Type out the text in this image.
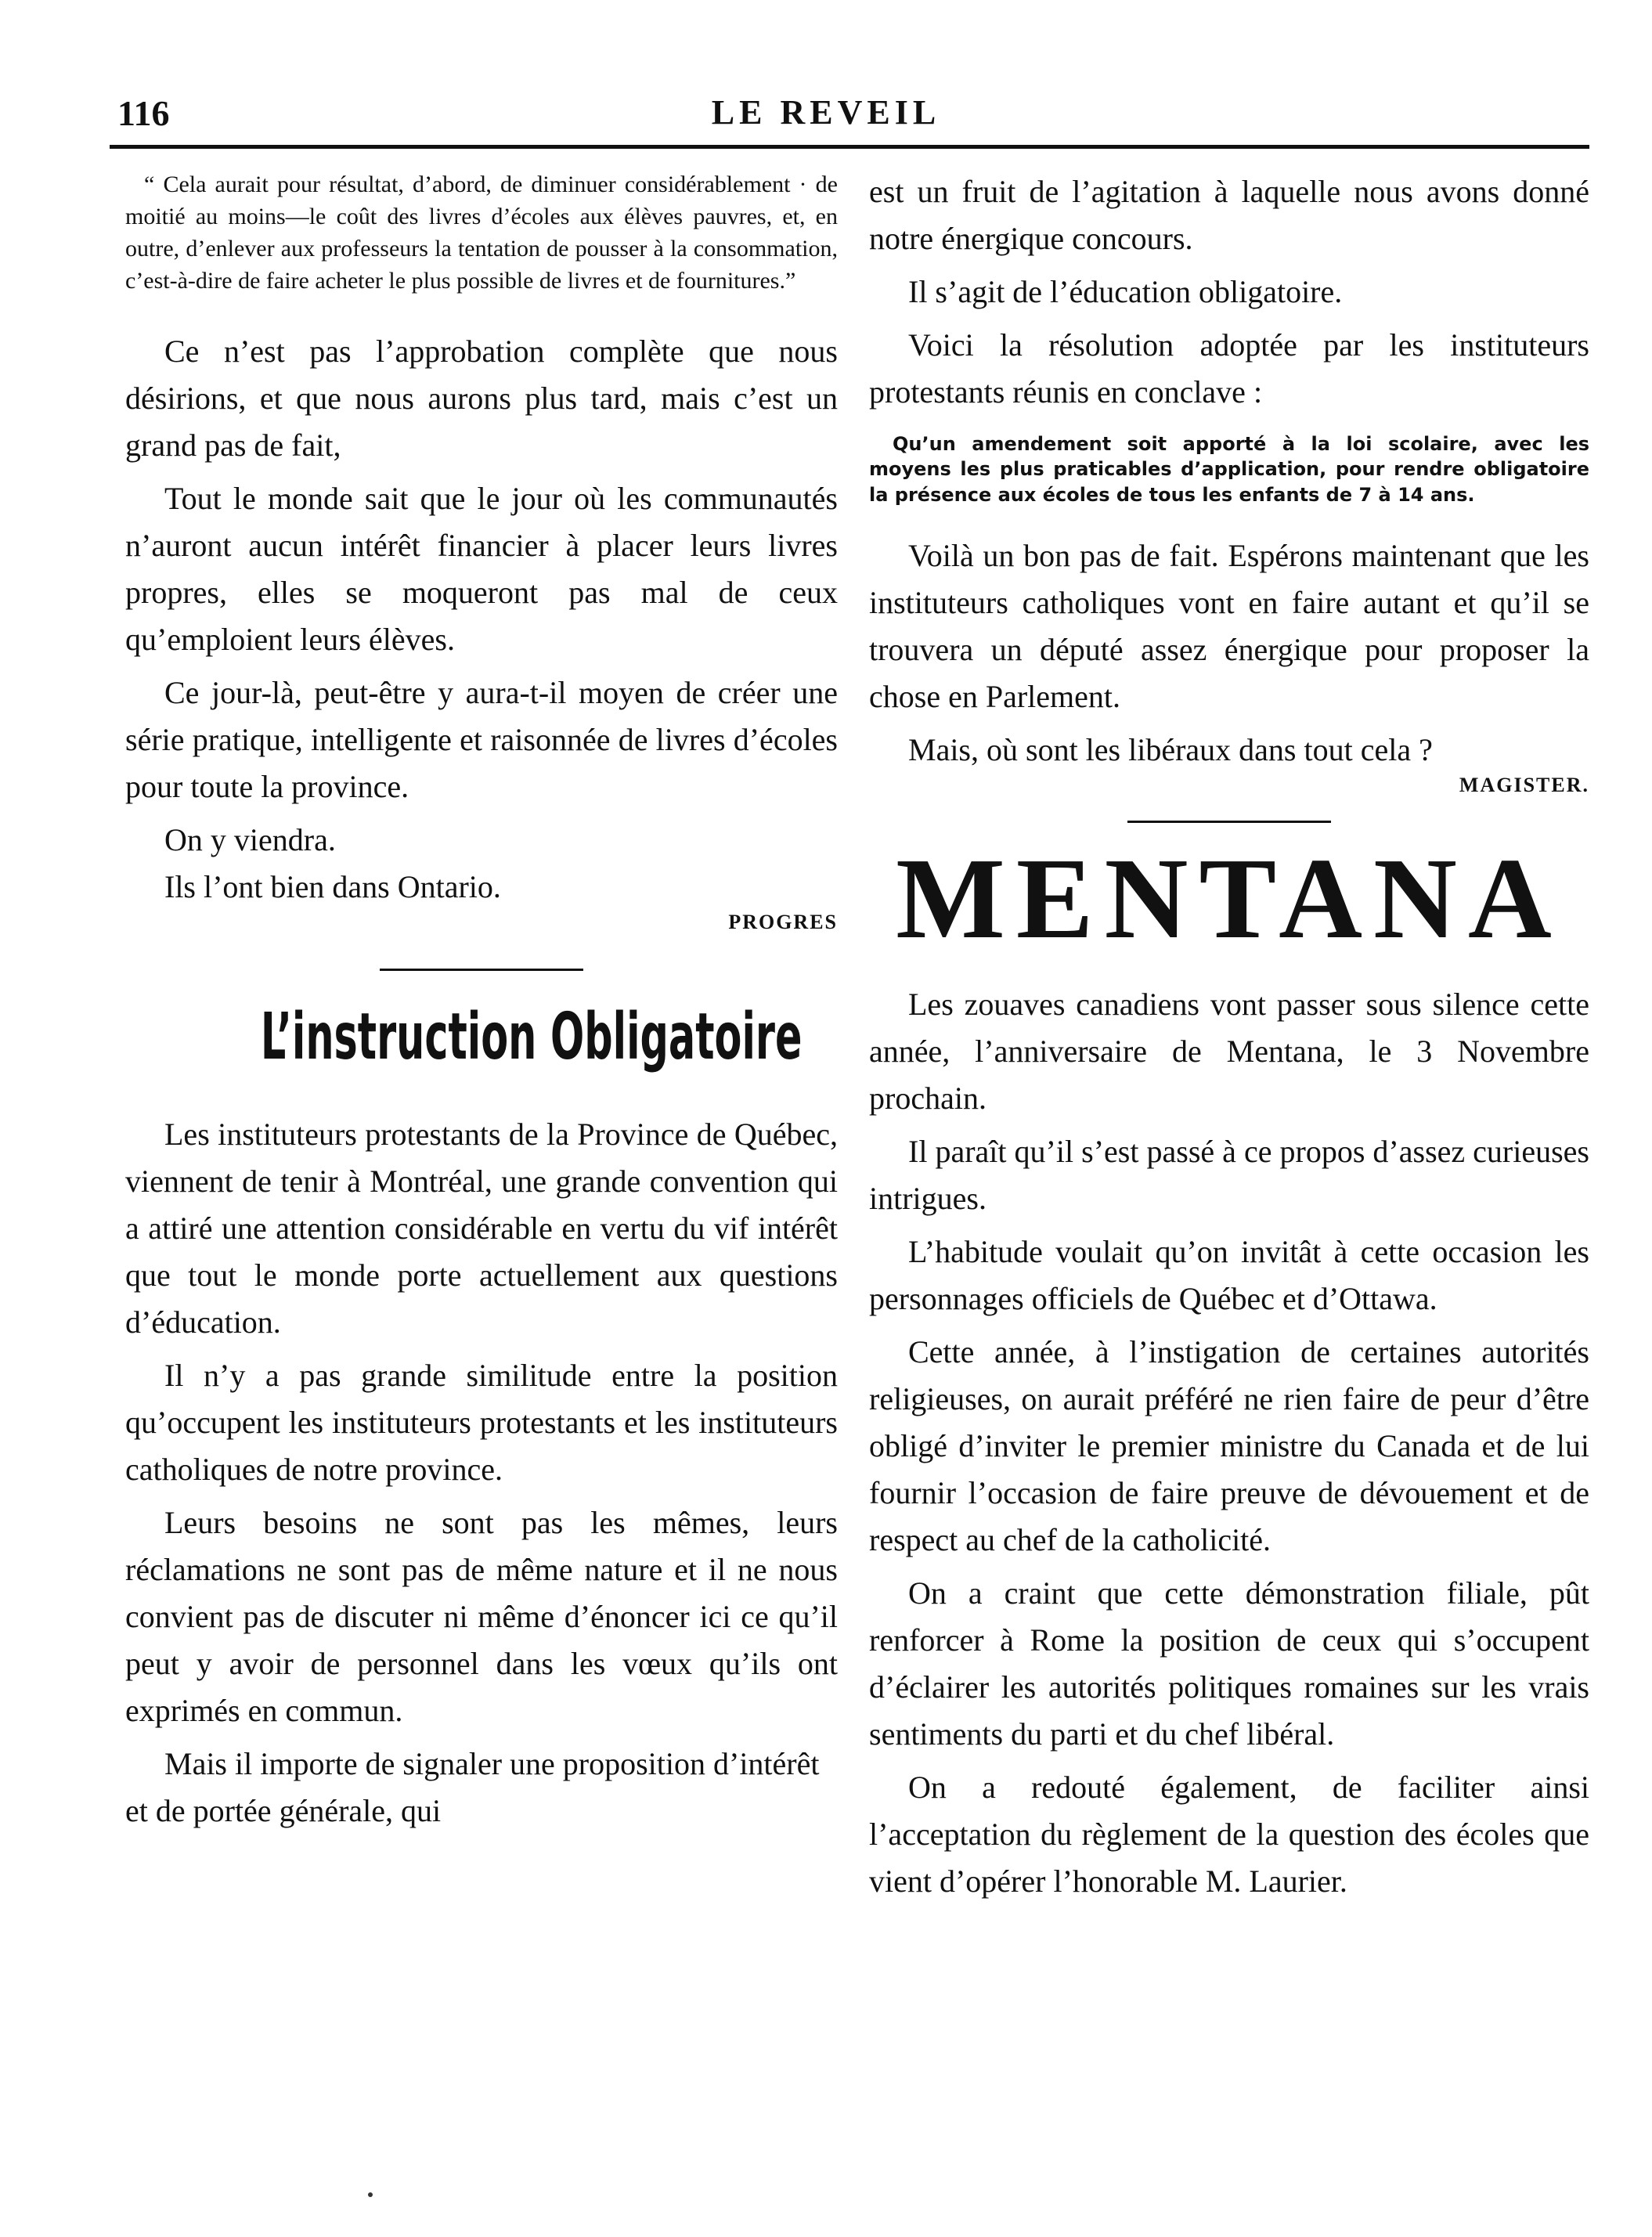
116	LE REVEIL

“ Cela aurait pour résultat, d’abord, de diminuer considérablement · de moitié au moins—le coût des livres d’écoles aux élèves pauvres, et, en outre, d’enlever aux professeurs la tentation de pousser à la consommation, c’est-à-dire de faire acheter le plus possible de livres et de fournitures.”

Ce n’est pas l’approbation complète que nous désirions, et que nous aurons plus tard, mais c’est un grand pas de fait,

Tout le monde sait que le jour où les communautés n’auront aucun intérêt financier à placer leurs livres propres, elles se moqueront pas mal de ceux qu’emploient leurs élèves.

Ce jour-là, peut-être y aura-t-il moyen de créer une série pratique, intelligente et raisonnée de livres d’écoles pour toute la province.

On y viendra.

Ils l’ont bien dans Ontario.

PROGRES

L’instruction Obligatoire

Les instituteurs protestants de la Province de Québec, viennent de tenir à Montréal, une grande convention qui a attiré une attention considérable en vertu du vif intérêt que tout le monde porte actuellement aux questions d’éducation.

Il n’y a pas grande similitude entre la position qu’occupent les instituteurs protestants et les instituteurs catholiques de notre province.

Leurs besoins ne sont pas les mêmes, leurs réclamations ne sont pas de même nature et il ne nous convient pas de discuter ni même d’énoncer ici ce qu’il peut y avoir de personnel dans les vœux qu’ils ont exprimés en commun.

Mais il importe de signaler une proposition d’intérêt et de portée générale, qui

est un fruit de l’agitation à laquelle nous avons donné notre énergique concours.

Il s’agit de l’éducation obligatoire.

Voici la résolution adoptée par les instituteurs protestants réunis en conclave :

Qu’un amendement soit apporté à la loi scolaire, avec les moyens les plus praticables d’application, pour rendre obligatoire la présence aux écoles de tous les enfants de 7 à 14 ans.

Voilà un bon pas de fait. Espérons maintenant que les instituteurs catholiques vont en faire autant et qu’il se trouvera un député assez énergique pour proposer la chose en Parlement.

Mais, où sont les libéraux dans tout cela ?

MAGISTER.

MENTANA

Les zouaves canadiens vont passer sous silence cette année, l’anniversaire de Mentana, le 3 Novembre prochain.

Il paraît qu’il s’est passé à ce propos d’assez curieuses intrigues.

L’habitude voulait qu’on invitât à cette occasion les personnages officiels de Québec et d’Ottawa.

Cette année, à l’instigation de certaines autorités religieuses, on aurait préféré ne rien faire de peur d’être obligé d’inviter le premier ministre du Canada et de lui fournir l’occasion de faire preuve de dévouement et de respect au chef de la catholicité.

On a craint que cette démonstration filiale, pût renforcer à Rome la position de ceux qui s’occupent d’éclairer les autorités politiques romaines sur les vrais sentiments du parti et du chef libéral.

On a redouté également, de faciliter ainsi l’acceptation du règlement de la question des écoles que vient d’opérer l’honorable M. Laurier.
